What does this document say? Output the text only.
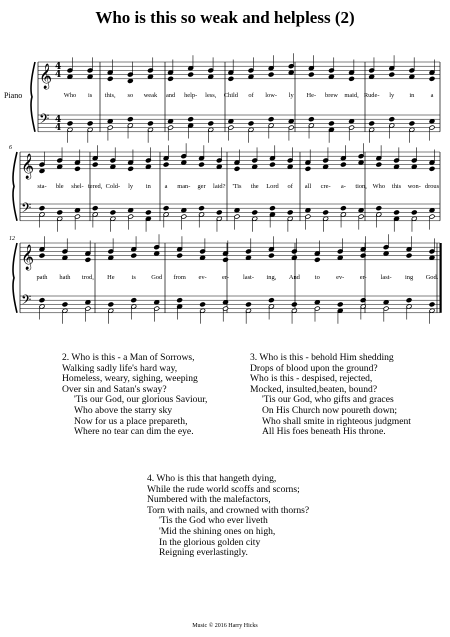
Who is this so weak and helpless (2)
Piano
6
12
𝄞
𝄢
4
4
4
4
Who is this, so weak and help- less, Child of low- ly He- brew maid, Rude- ly in	a
𝄞
𝄢
sta- ble shel- tered, Cold- ly in a man- ger laid? 'Tis the Lord of all cre- a- tion, Who this won- drous
𝄞
𝄢
path hath trod, He	is God from ev- er- last- ing, And to	ev- er- last- ing God.
2. Who is this - a Man of Sorrows,
Walking sadly life's hard way,
Homeless, weary, sighing, weeping
Over sin and Satan's sway?
'Tis our God, our glorious Saviour,
Who above the starry sky
Now for us a place prepareth,
Where no tear can dim the eye.
3. Who is this - behold Him shedding
Drops of blood upon the ground?
Who is this - despised, rejected,
Mocked, insulted,beaten, bound?
'Tis our God, who gifts and graces
On His Church now poureth down;
Who shall smite in righteous judgment
All His foes beneath His throne.
4. Who is this that hangeth dying,
While the rude world scoffs and scorns;
Numbered with the malefactors,
Torn with nails, and crowned with thorns?
'Tis the God who ever liveth
'Mid the shining ones on high,
In the glorious golden city
Reigning everlastingly.
Music © 2016 Harry Hicks
